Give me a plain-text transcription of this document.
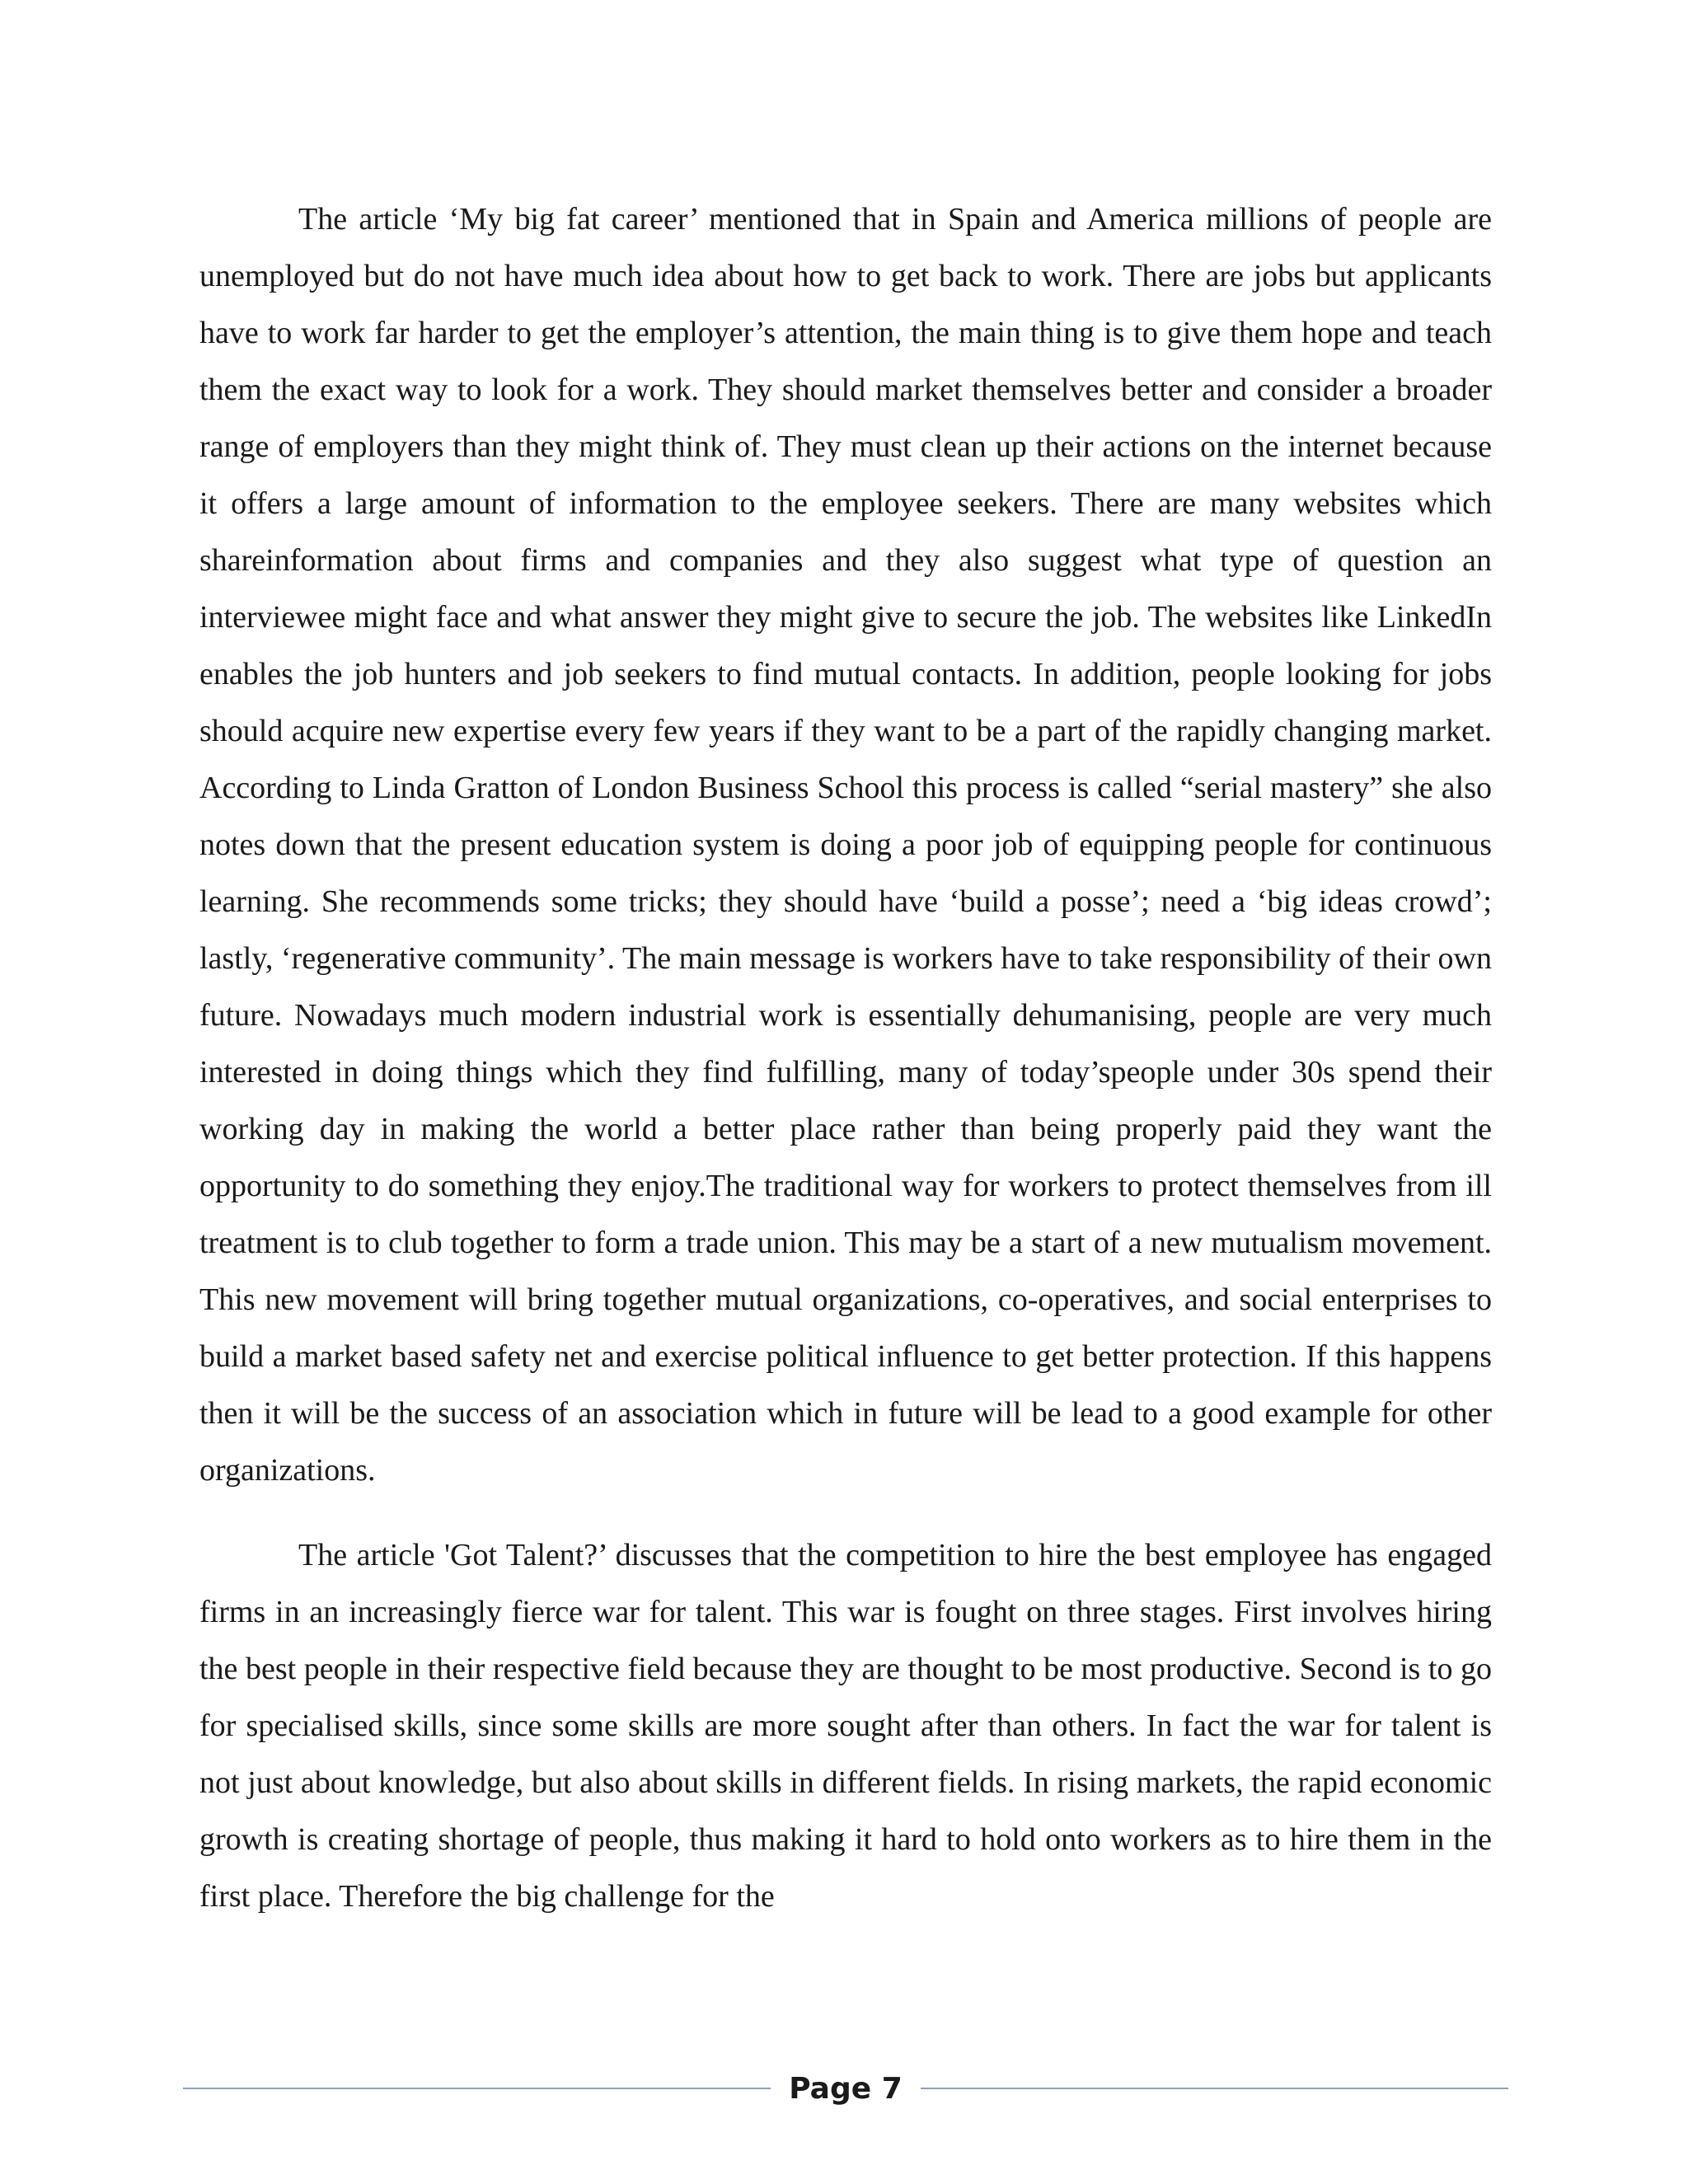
The article ‘My big fat career’ mentioned that in Spain and America millions of people are unemployed but do not have much idea about how to get back to work. There are jobs but applicants have to work far harder to get the employer’s attention, the main thing is to give them hope and teach them the exact way to look for a work. They should market themselves better and consider a broader range of employers than they might think of. They must clean up their actions on the internet because it offers a large amount of information to the employee seekers. There are many websites which shareinformation about firms and companies and they also suggest what type of question an interviewee might face and what answer they might give to secure the job. The websites like LinkedIn enables the job hunters and job seekers to find mutual contacts. In addition, people looking for jobs should acquire new expertise every few years if they want to be a part of the rapidly changing market. According to Linda Gratton of London Business School this process is called “serial mastery” she also notes down that the present education system is doing a poor job of equipping people for continuous learning. She recommends some tricks; they should have ‘build a posse’; need a ‘big ideas crowd’; lastly, ‘regenerative community’. The main message is workers have to take responsibility of their own future. Nowadays much modern industrial work is essentially dehumanising, people are very much interested in doing things which they find fulfilling, many of today’speople under 30s spend their working day in making the world a better place rather than being properly paid they want the opportunity to do something they enjoy.The traditional way for workers to protect themselves from ill treatment is to club together to form a trade union. This may be a start of a new mutualism movement. This new movement will bring together mutual organizations, co-operatives, and social enterprises to build a market based safety net and exercise political influence to get better protection. If this happens then it will be the success of an association which in future will be lead to a good example for other organizations.

The article 'Got Talent?’ discusses that the competition to hire the best employee has engaged firms in an increasingly fierce war for talent. This war is fought on three stages. First involves hiring the best people in their respective field because they are thought to be most productive. Second is to go for specialised skills, since some skills are more sought after than others. In fact the war for talent is not just about knowledge, but also about skills in different fields. In rising markets, the rapid economic growth is creating shortage of people, thus making it hard to hold onto workers as to hire them in the first place. Therefore the big challenge for the

Page 7
